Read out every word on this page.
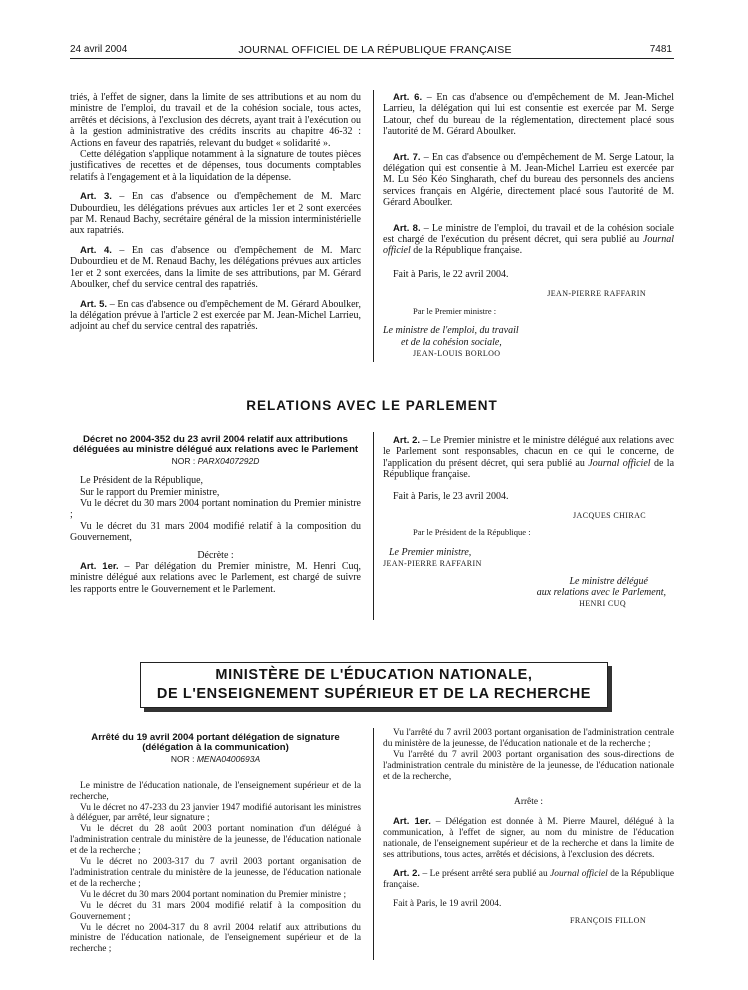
24 avril 2004	JOURNAL OFFICIEL DE LA RÉPUBLIQUE FRANÇAISE	7481

triés, à l'effet de signer, dans la limite de ses attributions et au nom du ministre de l'emploi, du travail et de la cohésion sociale, tous actes, arrêtés et décisions, à l'exclusion des décrets, ayant trait à l'exécution ou à la gestion administrative des crédits inscrits au chapitre 46-32 : Actions en faveur des rapatriés, relevant du budget « solidarité ».

Cette délégation s'applique notamment à la signature de toutes pièces justificatives de recettes et de dépenses, tous documents comptables relatifs à l'engagement et à la liquidation de la dépense.

Art. 3. – En cas d'absence ou d'empêchement de M. Marc Dubourdieu, les délégations prévues aux articles 1er et 2 sont exercées par M. Renaud Bachy, secrétaire général de la mission interministérielle aux rapatriés.

Art. 4. – En cas d'absence ou d'empêchement de M. Marc Dubourdieu et de M. Renaud Bachy, les délégations prévues aux articles 1er et 2 sont exercées, dans la limite de ses attributions, par M. Gérard Aboulker, chef du service central des rapatriés.

Art. 5. – En cas d'absence ou d'empêchement de M. Gérard Aboulker, la délégation prévue à l'article 2 est exercée par M. Jean-Michel Larrieu, adjoint au chef du service central des rapatriés.

Art. 6. – En cas d'absence ou d'empêchement de M. Jean-Michel Larrieu, la délégation qui lui est consentie est exercée par M. Serge Latour, chef du bureau de la réglementation, directement placé sous l'autorité de M. Gérard Aboulker.

Art. 7. – En cas d'absence ou d'empêchement de M. Serge Latour, la délégation qui est consentie à M. Jean-Michel Larrieu est exercée par M. Lu Séo Kéo Singharath, chef du bureau des personnels des anciens services français en Algérie, directement placé sous l'autorité de M. Gérard Aboulker.

Art. 8. – Le ministre de l'emploi, du travail et de la cohésion sociale est chargé de l'exécution du présent décret, qui sera publié au Journal officiel de la République française.

Fait à Paris, le 22 avril 2004.

JEAN-PIERRE RAFFARIN

Par le Premier ministre :

Le ministre de l'emploi, du travail

et de la cohésion sociale,

JEAN-LOUIS BORLOO

RELATIONS AVEC LE PARLEMENT

Décret no 2004-352 du 23 avril 2004 relatif aux attributions déléguées au ministre délégué aux relations avec le Parlement

NOR : PARX0407292D

Le Président de la République,

Sur le rapport du Premier ministre,

Vu le décret du 30 mars 2004 portant nomination du Premier ministre ;

Vu le décret du 31 mars 2004 modifié relatif à la composition du Gouvernement,

Décrète :

Art. 1er. – Par délégation du Premier ministre, M. Henri Cuq, ministre délégué aux relations avec le Parlement, est chargé de suivre les rapports entre le Gouvernement et le Parlement.

Art. 2. – Le Premier ministre et le ministre délégué aux relations avec le Parlement sont responsables, chacun en ce qui le concerne, de l'application du présent décret, qui sera publié au Journal officiel de la République française.

Fait à Paris, le 23 avril 2004.

JACQUES CHIRAC

Par le Président de la République :

Le Premier ministre,

JEAN-PIERRE RAFFARIN

Le ministre délégué

aux relations avec le Parlement,

HENRI CUQ

MINISTÈRE DE L'ÉDUCATION NATIONALE,
DE L'ENSEIGNEMENT SUPÉRIEUR ET DE LA RECHERCHE

Arrêté du 19 avril 2004 portant délégation de signature (délégation à la communication)

NOR : MENA0400693A

Le ministre de l'éducation nationale, de l'enseignement supérieur et de la recherche,

Vu le décret no 47-233 du 23 janvier 1947 modifié autorisant les ministres à déléguer, par arrêté, leur signature ;

Vu le décret du 28 août 2003 portant nomination d'un délégué à l'administration centrale du ministère de la jeunesse, de l'éducation nationale et de la recherche ;

Vu le décret no 2003-317 du 7 avril 2003 portant organisation de l'administration centrale du ministère de la jeunesse, de l'éducation nationale et de la recherche ;

Vu le décret du 30 mars 2004 portant nomination du Premier ministre ;

Vu le décret du 31 mars 2004 modifié relatif à la composition du Gouvernement ;

Vu le décret no 2004-317 du 8 avril 2004 relatif aux attributions du ministre de l'éducation nationale, de l'enseignement supérieur et de la recherche ;

Vu l'arrêté du 7 avril 2003 portant organisation de l'administration centrale du ministère de la jeunesse, de l'éducation nationale et de la recherche ;

Vu l'arrêté du 7 avril 2003 portant organisation des sous-directions de l'administration centrale du ministère de la jeunesse, de l'éducation nationale et de la recherche,

Arrête :

Art. 1er. – Délégation est donnée à M. Pierre Maurel, délégué à la communication, à l'effet de signer, au nom du ministre de l'éducation nationale, de l'enseignement supérieur et de la recherche et dans la limite de ses attributions, tous actes, arrêtés et décisions, à l'exclusion des décrets.

Art. 2. – Le présent arrêté sera publié au Journal officiel de la République française.

Fait à Paris, le 19 avril 2004.

FRANÇOIS FILLON
